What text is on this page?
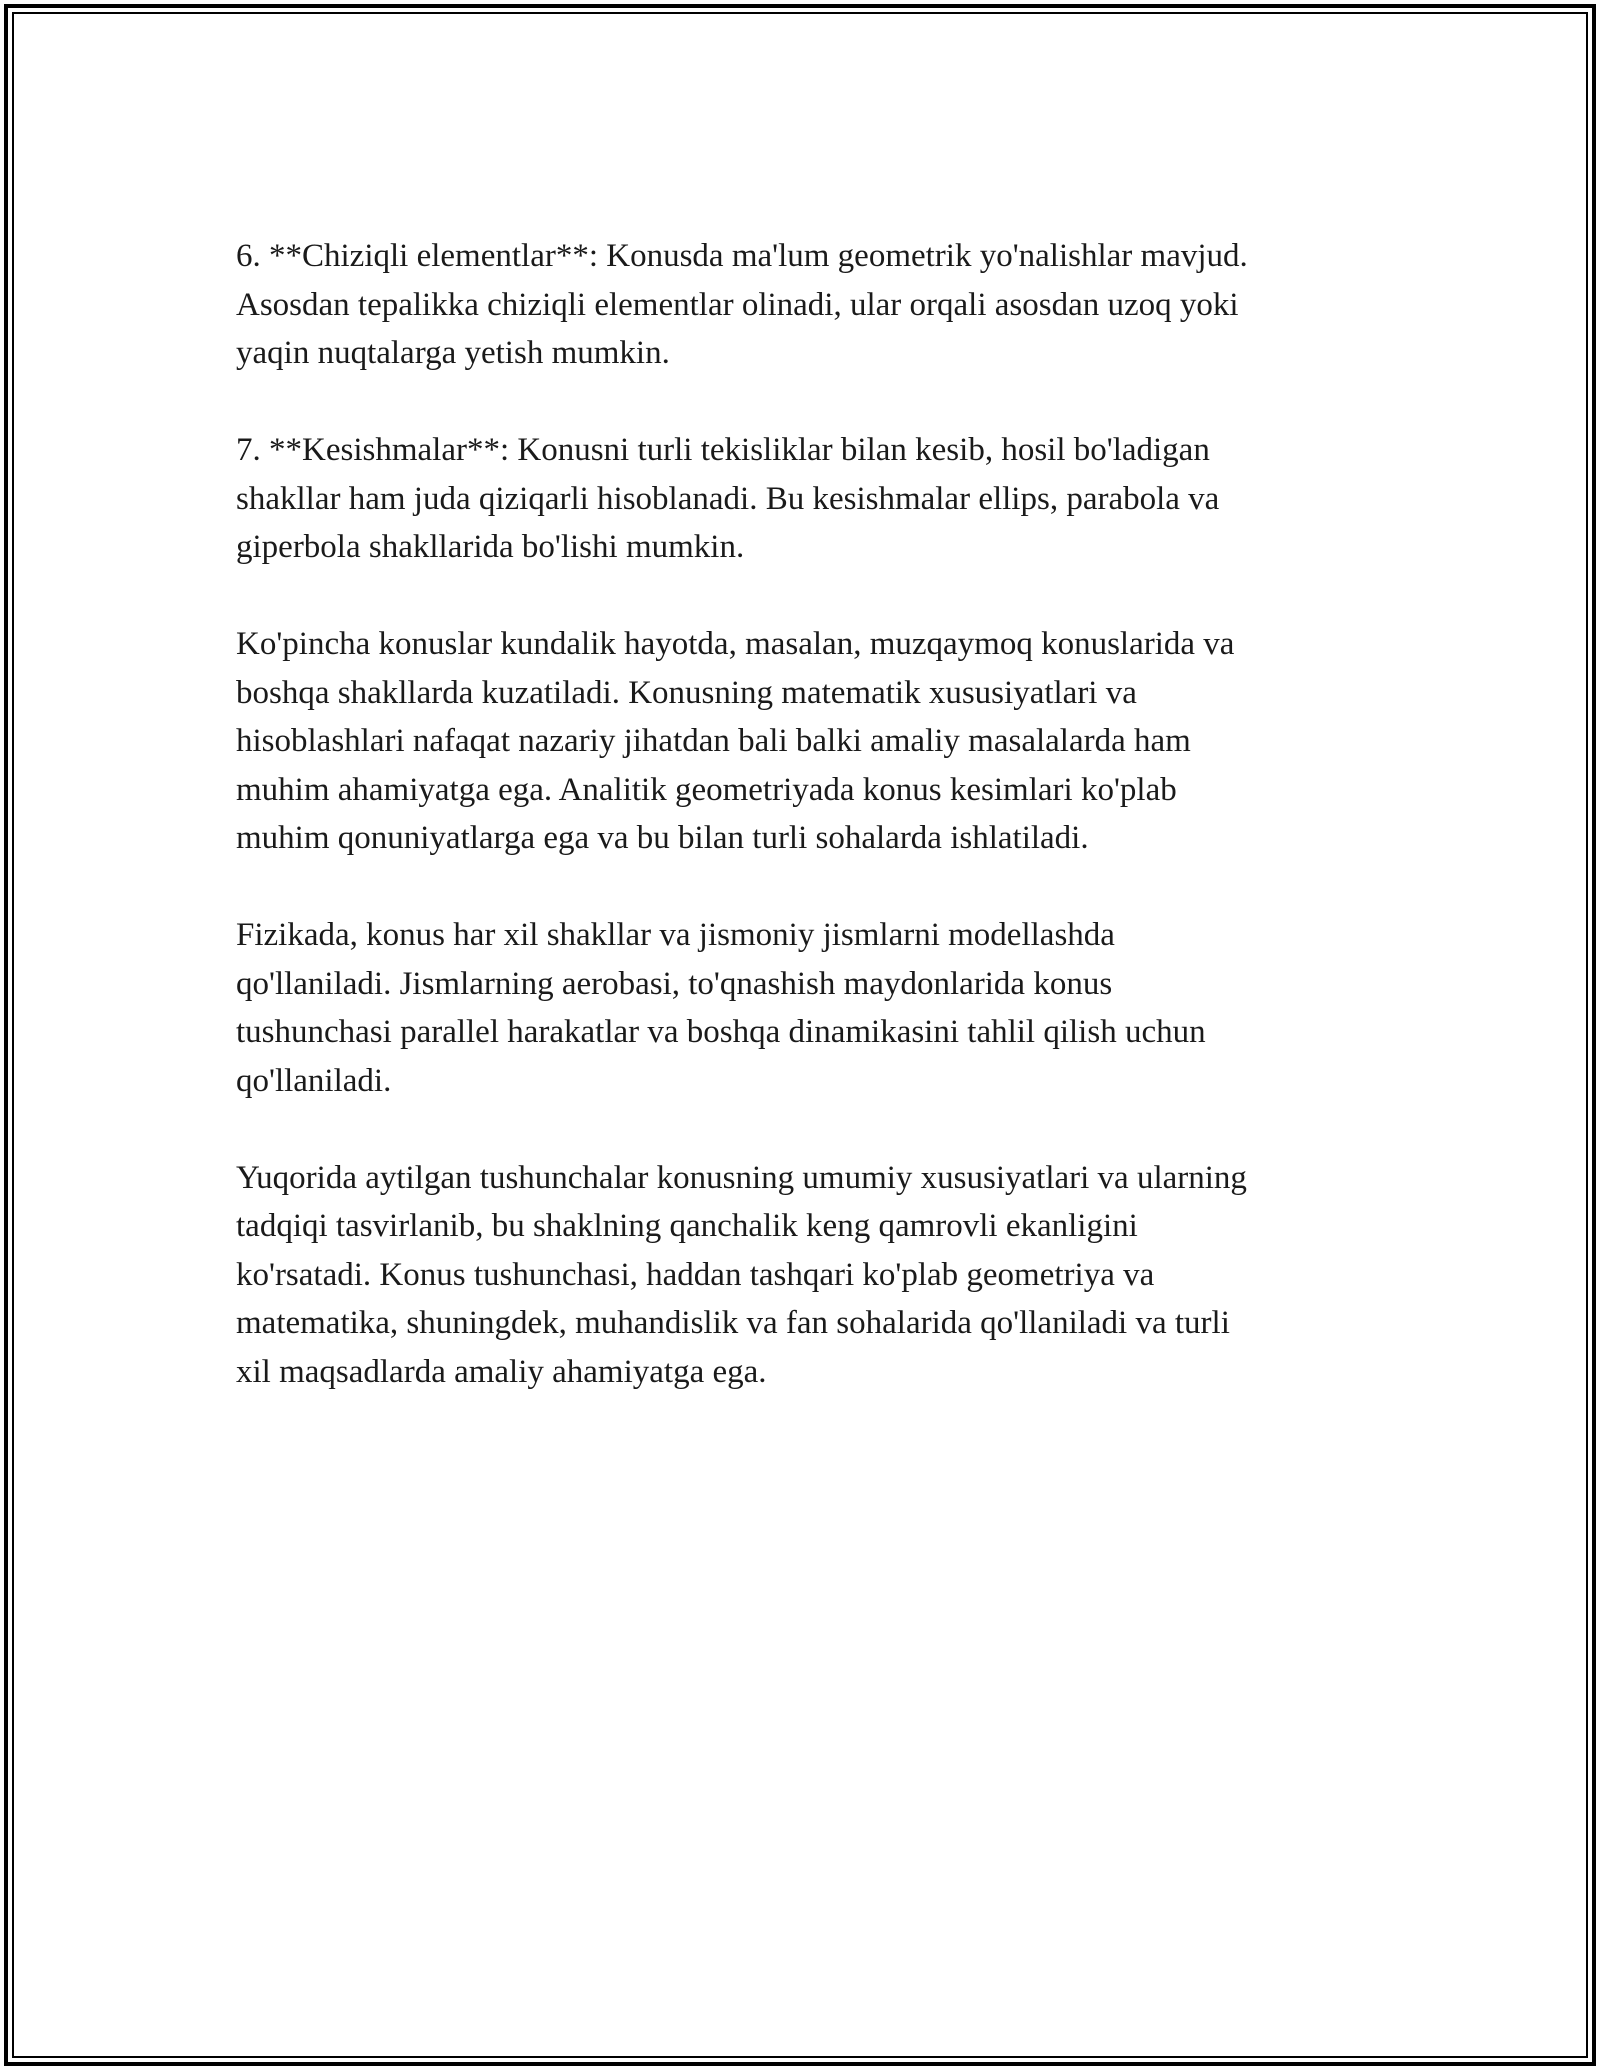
6. **Chiziqli elementlar**: Konusda ma'lum geometrik yo'nalishlar mavjud.
Asosdan tepalikka chiziqli elementlar olinadi, ular orqali asosdan uzoq yoki
yaqin nuqtalarga yetish mumkin.

7. **Kesishmalar**: Konusni turli tekisliklar bilan kesib, hosil bo'ladigan
shakllar ham juda qiziqarli hisoblanadi. Bu kesishmalar ellips, parabola va
giperbola shakllarida bo'lishi mumkin.

Ko'pincha konuslar kundalik hayotda, masalan, muzqaymoq konuslarida va
boshqa shakllarda kuzatiladi. Konusning matematik xususiyatlari va
hisoblashlari nafaqat nazariy jihatdan bali balki amaliy masalalarda ham
muhim ahamiyatga ega. Analitik geometriyada konus kesimlari ko'plab
muhim qonuniyatlarga ega va bu bilan turli sohalarda ishlatiladi.

Fizikada, konus har xil shakllar va jismoniy jismlarni modellashda
qo'llaniladi. Jismlarning aerobasi, to'qnashish maydonlarida konus
tushunchasi parallel harakatlar va boshqa dinamikasini tahlil qilish uchun
qo'llaniladi.

Yuqorida aytilgan tushunchalar konusning umumiy xususiyatlari va ularning
tadqiqi tasvirlanib, bu shaklning qanchalik keng qamrovli ekanligini
ko'rsatadi. Konus tushunchasi, haddan tashqari ko'plab geometriya va
matematika, shuningdek, muhandislik va fan sohalarida qo'llaniladi va turli
xil maqsadlarda amaliy ahamiyatga ega.
